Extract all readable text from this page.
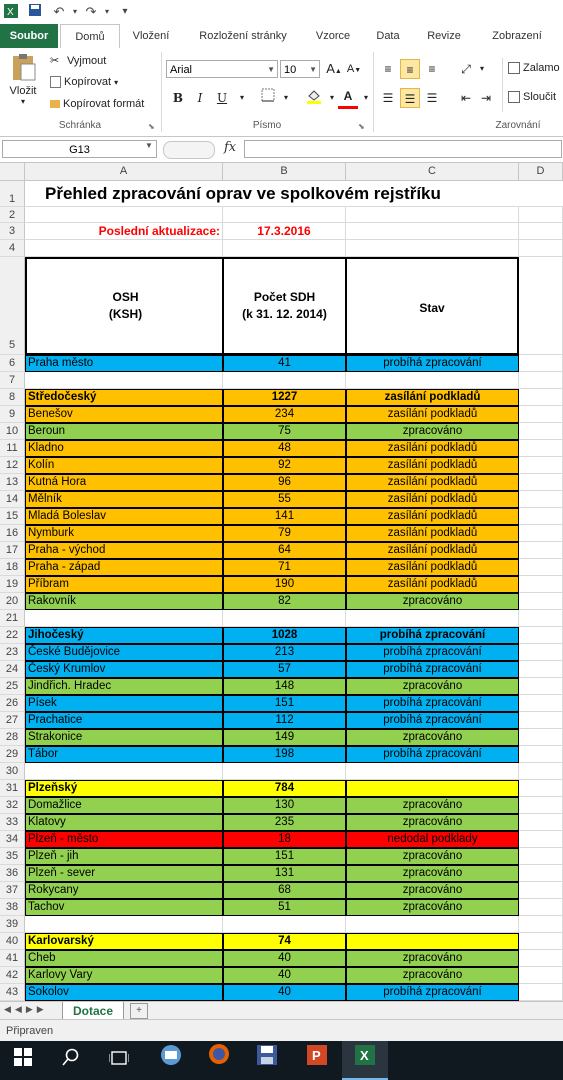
X	↶	▾ ↷	▾	▾
Soubor	Domů	Vložení	Rozložení stránky	Vzorce	Data	Revize	Zobrazení
Vložit
▾
✂ Vyjmout
Kopírovat ▾
Kopírovat formát
Schránka	⬊
Arial	▼ 10 ▼ A▲ A▼
B	I	U	▾	▾	▾ A	▾
Písmo	⬊
≡	≡	≡	⤢	▾
☰ ☰ ☰	⇤ ⇥
Zalamo
Sloučit
Zarovnání
G13	▼	fx
A	B	C	D
1	Přehled zpracování oprav ve spolkovém rejstříku
2
3	Poslední aktualizace:	17.3.2016
4
5
OSH
(KSH)
Počet SDH
(k 31. 12. 2014)	Stav
6	Praha město	41	probíhá zpracování
7
8	Středočeský	1227	zasílání podkladů
9	Benešov	234	zasílání podkladů
10 Beroun	75	zpracováno
11 Kladno	48	zasílání podkladů
12 Kolín	92	zasílání podkladů
13 Kutná Hora	96	zasílání podkladů
14 Mělník	55	zasílání podkladů
15 Mladá Boleslav	141	zasílání podkladů
16 Nymburk	79	zasílání podkladů
17 Praha - východ	64	zasílání podkladů
18 Praha - západ	71	zasílání podkladů
19 Příbram	190	zasílání podkladů
20 Rakovník	82	zpracováno
21
22 Jihočeský	1028	probíhá zpracování
23 České Budějovice	213	probíhá zpracování
24 Český Krumlov	57	probíhá zpracování
25 Jindřich. Hradec	148	zpracováno
26 Písek	151	probíhá zpracování
27 Prachatice	112	probíhá zpracování
28 Strakonice	149	zpracováno
29 Tábor	198	probíhá zpracování
30
31 Plzeňský	784
32 Domažlice	130	zpracováno
33 Klatovy	235	zpracováno
34 Plzeň - město	18	nedodal podklady
35 Plzeň - jih	151	zpracováno
36 Plzeň - sever	131	zpracováno
37 Rokycany	68	zpracováno
38 Tachov	51	zpracováno
39
40 Karlovarský	74
41 Cheb	40	zpracováno
42 Karlovy Vary	40	zpracováno
43 Sokolov	40	probíhá zpracování
◀◀▶▶	Dotace	+
Připraven
P	X
